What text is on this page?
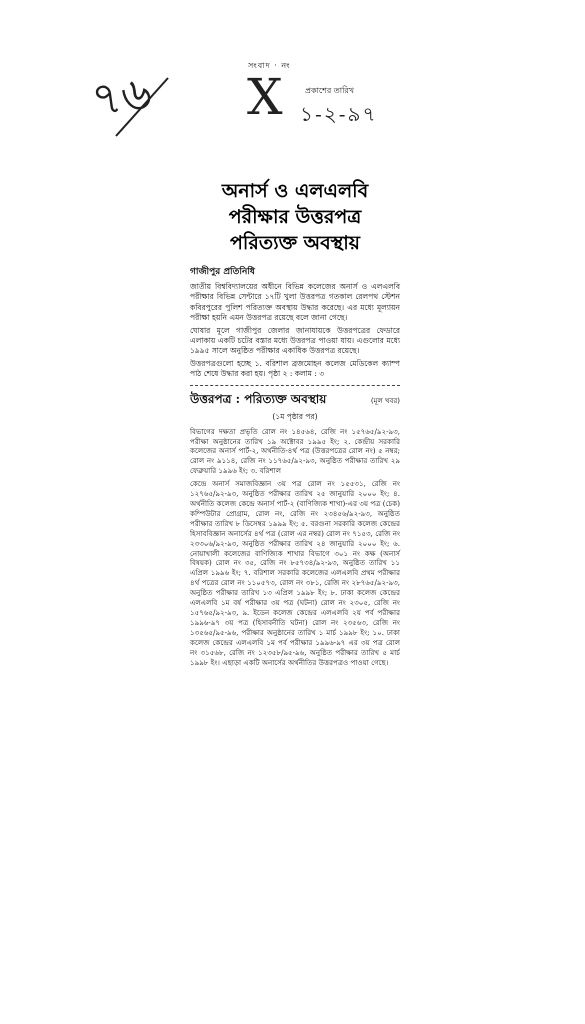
৭৬ X
সংবাদ · নং
প্রকাশের তারিখ
১-২-৯৭

অনার্স ও এলএলবি

পরীক্ষার উত্তরপত্র

পরিত্যক্ত অবস্থায়

গাজীপুর প্রতিনিধি

জাতীয় বিশ্ববিদ্যালয়ের অধীনে বিভিন্ন কলেজের অনার্স ও এলএলবি পরীক্ষার বিভিন্ন সেন্টারে ১৭টি খুলা উত্তরপত্র গতকাল রেলপথ স্টেশন কবিরপুরের পুলিশ পরিত্যক্ত অবস্থায় উদ্ধার করেছে। এর মধ্যে মূল্যায়ন পরীক্ষা হয়নি এমন উত্তরপত্র রয়েছে বলে জানা গেছে।

ঘোষার মূলে গাজীপুর জেলার জানাযায়কে উত্তরপত্রের ফেডারে এলাকায় একটি চটের বস্তার মধ্যে উত্তরপত্র পাওয়া যায়। এগুলোর মধ্যে ১৯৯৫ সালে অনুষ্ঠিত পরীক্ষার একাধিক উত্তরপত্র রয়েছে।

উত্তরপত্রগুলো হচ্ছে ১. বরিশাল ব্রজমোহন কলেজ মেডিকেল ক্যাম্প পাঠ শেষে উদ্ধার করা হয়। পৃষ্ঠা ২ : কলাম : ৩

উত্তরপত্র : পরিত্যক্ত অবস্থায়	(মূল খবর)
(১ম পৃষ্ঠার পর)

বিভাগের দক্ষতা প্রভৃতি রোল নং ১৪৫৬৪, রেজি নং ১৫৭৬৫/৯২-৯৩, পরীক্ষা অনুষ্ঠানের তারিখ ১৯ অক্টোবর ১৯৯৫ ইং; ২. কেন্দ্রীয় সরকারি কলেজের অনার্স পার্ট-২, অর্থনীতি-৪র্থ পত্র (উত্তরপত্রের রোল নং) ৫ নম্বর; রোল নং ৯১১৪, রেজি নং ১১৭৬৫/৯২-৯৩, অনুষ্ঠিত পরীক্ষার তারিখ ২৯ ফেব্রুয়ারি ১৯৯৬ ইং; ৩. বরিশাল

কেন্দ্রে অনার্স সমাজবিজ্ঞান ৩য় পত্র রোল নং ১৫৫৩১, রেজি নং ১২৭৬৫/৯২-৯৩, অনুষ্ঠিত পরীক্ষার তারিখ ২৫ জানুয়ারি ২০০০ ইং; ৪. অর্থনীতি কলেজ কেন্দ্রে অনার্স পার্ট-২ (বাণিজ্যিক শাখা)-এর ৩য় পত্র (চেক) কম্পিউটার প্রোগ্রাম, রোল নং, রেজি নং ২৩৪৫৬/৯২-৯৩, অনুষ্ঠিত পরীক্ষার তারিখ ৮ ডিসেম্বর ১৯৯৯ ইং; ৫. বরগুনা সরকারি কলেজ কেন্দ্রের হিসাববিজ্ঞান অনার্সের ৪র্থ পত্র (রোল এর নম্বর) রোল নং ৭১৫৩, রেজি নং ২৩৩০৬/৯২-৯৩, অনুষ্ঠিত পরীক্ষার তারিখ ২৪ জানুয়ারি ২০০০ ইং; ৬. নোয়াখালী কলেজের বাণিজ্যিক শাখার বিভাগে ৩০১ নং কক্ষ (অনার্স বিষয়ক) রোল নং ৩৫, রেজি নং ৮৫৭৩৪/৯২-৯৩, অনুষ্ঠিত তারিখ ১১ এপ্রিল ১৯৯৬ ইং; ৭. বরিশাল সরকারি কলেজের এলএলবি প্রথম পরীক্ষার ৪র্থ পত্রের রোল নং ১১০৫৭৩, রোল নং ৩৮১, রেজি নং ২৮৭৬৫/৯২-৯৩, অনুষ্ঠিত পরীক্ষার তারিখ ১৩ এপ্রিল ১৯৯৮ ইং; ৮. ঢাকা কলেজ কেন্দ্রের এলএলবি ১ম বর্ষ পরীক্ষার ৩য় পত্র (ঘটনা) রোল নং ২৩০৫, রেজি নং ১৫৭৬৫/৯২-৯৩, ৯. ইডেন কলেজ কেন্দ্রের এলএলবি ২য় পর্ব পরীক্ষার ১৯৯৬-৯৭ ৩য় পত্র (হিসাবনীতি ঘটনা) রোল নং ২৩৫৬৩, রেজি নং ১৩৫৬৫/৯৫-৯৬, পরীক্ষার অনুষ্ঠানের তারিখ ১ মার্চ ১৯৯৮ ইং; ১০. ঢাকা কলেজ কেন্দ্রের এলএলবি ১ম পর্ব পরীক্ষার ১৯৯৬-৯৭ এর ৩য় পত্র রোল নং ৩১৫৬৮, রেজি নং ১২৩৫৮/৯৫-৯৬, অনুষ্ঠিত পরীক্ষার তারিখ ৫ মার্চ ১৯৯৮ ইং। এছাড়া একটি অনার্সের অর্থনীতির উত্তরপত্রও পাওয়া গেছে।
